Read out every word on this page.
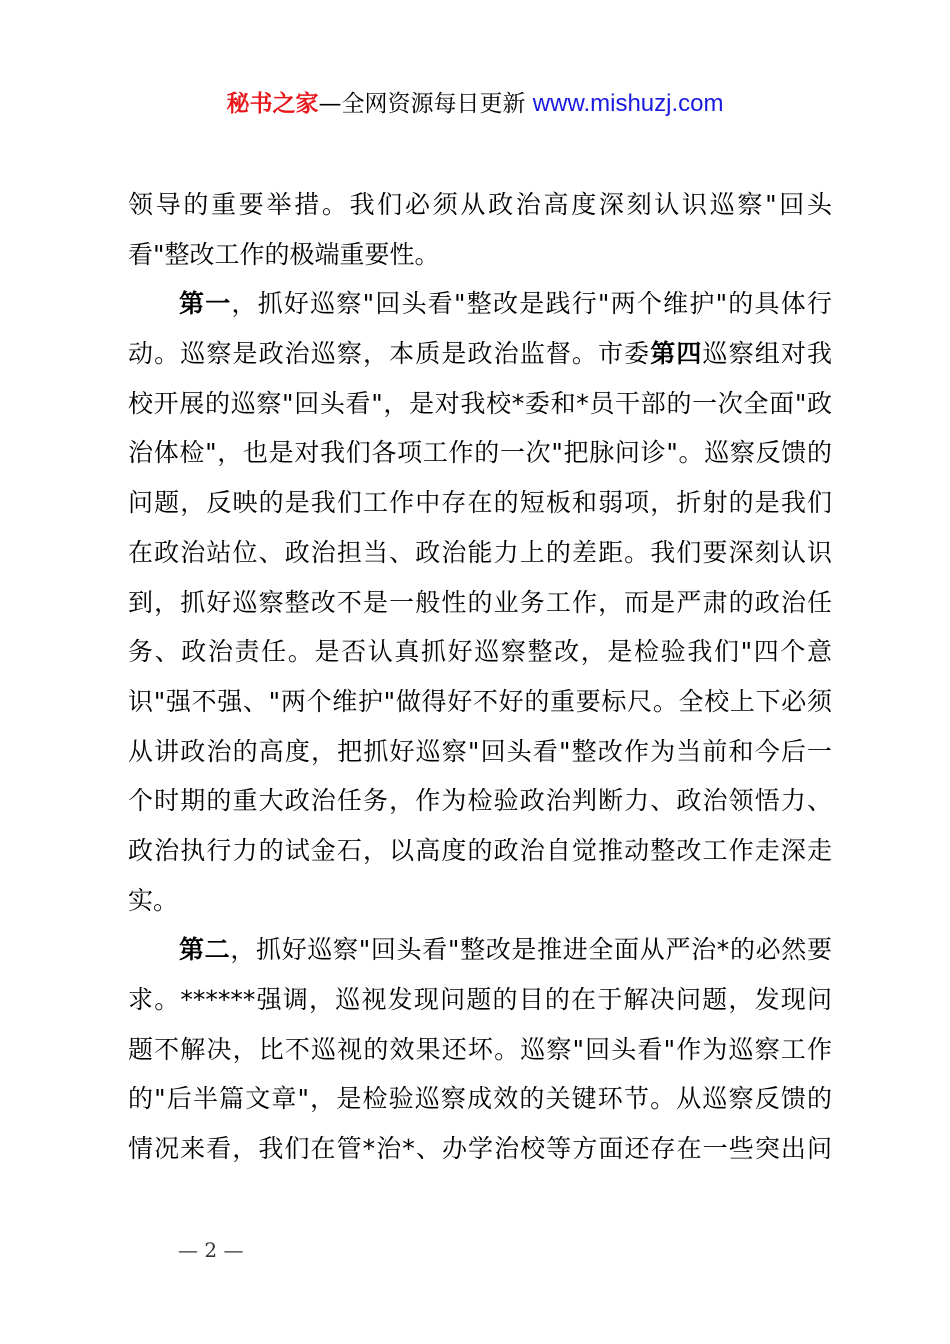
秘书之家—全网资源每日更新 www.mishuzj.com
领导的重要举措。我们必须从政治高度深刻认识巡察"回头
看"整改工作的极端重要性。
第一，抓好巡察"回头看"整改是践行"两个维护"的具体行
动。巡察是政治巡察，本质是政治监督。市委第四巡察组对我
校开展的巡察"回头看"，是对我校*委和*员干部的一次全面"政
治体检"，也是对我们各项工作的一次"把脉问诊"。巡察反馈的
问题，反映的是我们工作中存在的短板和弱项，折射的是我们
在政治站位、政治担当、政治能力上的差距。我们要深刻认识
到，抓好巡察整改不是一般性的业务工作，而是严肃的政治任
务、政治责任。是否认真抓好巡察整改，是检验我们"四个意
识"强不强、"两个维护"做得好不好的重要标尺。全校上下必须
从讲政治的高度，把抓好巡察"回头看"整改作为当前和今后一
个时期的重大政治任务，作为检验政治判断力、政治领悟力、
政治执行力的试金石，以高度的政治自觉推动整改工作走深走
实。
第二，抓好巡察"回头看"整改是推进全面从严治*的必然要
求。******强调，巡视发现问题的目的在于解决问题，发现问
题不解决，比不巡视的效果还坏。巡察"回头看"作为巡察工作
的"后半篇文章"，是检验巡察成效的关键环节。从巡察反馈的
情况来看，我们在管*治*、办学治校等方面还存在一些突出问
— 2 —
